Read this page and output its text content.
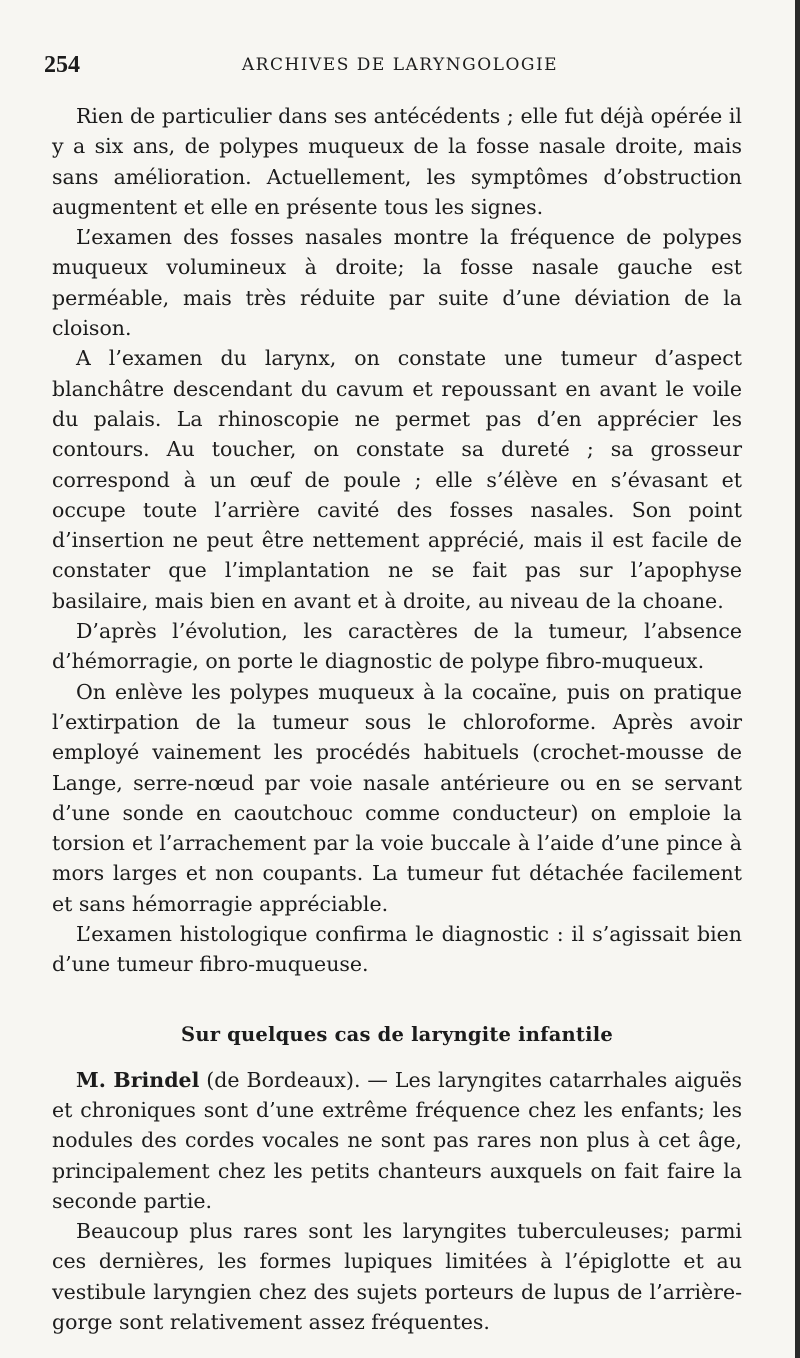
254	ARCHIVES DE LARYNGOLOGIE

Rien de particulier dans ses antécédents ; elle fut déjà opérée il y a six ans, de polypes muqueux de la fosse nasale droite, mais sans amélioration. Actuellement, les symptômes d’obstruction augmentent et elle en présente tous les signes.

L’examen des fosses nasales montre la fréquence de polypes muqueux volumineux à droite; la fosse nasale gauche est perméable, mais très réduite par suite d’une déviation de la cloison.

A l’examen du larynx, on constate une tumeur d’aspect blanchâtre descendant du cavum et repoussant en avant le voile du palais. La rhinoscopie ne permet pas d’en apprécier les contours. Au toucher, on constate sa dureté ; sa grosseur correspond à un œuf de poule ; elle s’élève en s’évasant et occupe toute l’arrière cavité des fosses nasales. Son point d’insertion ne peut être nettement apprécié, mais il est facile de constater que l’implantation ne se fait pas sur l’apophyse basilaire, mais bien en avant et à droite, au niveau de la choane.

D’après l’évolution, les caractères de la tumeur, l’absence d’hémorragie, on porte le diagnostic de polype fibro-muqueux.

On enlève les polypes muqueux à la cocaïne, puis on pratique l’extirpation de la tumeur sous le chloroforme. Après avoir employé vainement les procédés habituels (crochet-mousse de Lange, serre-nœud par voie nasale antérieure ou en se servant d’une sonde en caoutchouc comme conducteur) on emploie la torsion et l’arrachement par la voie buccale à l’aide d’une pince à mors larges et non coupants. La tumeur fut détachée facilement et sans hémorragie appréciable.

L’examen histologique confirma le diagnostic : il s’agissait bien d’une tumeur fibro-muqueuse.

Sur quelques cas de laryngite infantile

M. Brindel (de Bordeaux). — Les laryngites catarrhales aiguës et chroniques sont d’une extrême fréquence chez les enfants; les nodules des cordes vocales ne sont pas rares non plus à cet âge, principalement chez les petits chanteurs auxquels on fait faire la seconde partie.

Beaucoup plus rares sont les laryngites tuberculeuses; parmi ces dernières, les formes lupiques limitées à l’épiglotte et au vestibule laryngien chez des sujets porteurs de lupus de l’arrière-gorge sont relativement assez fréquentes.
